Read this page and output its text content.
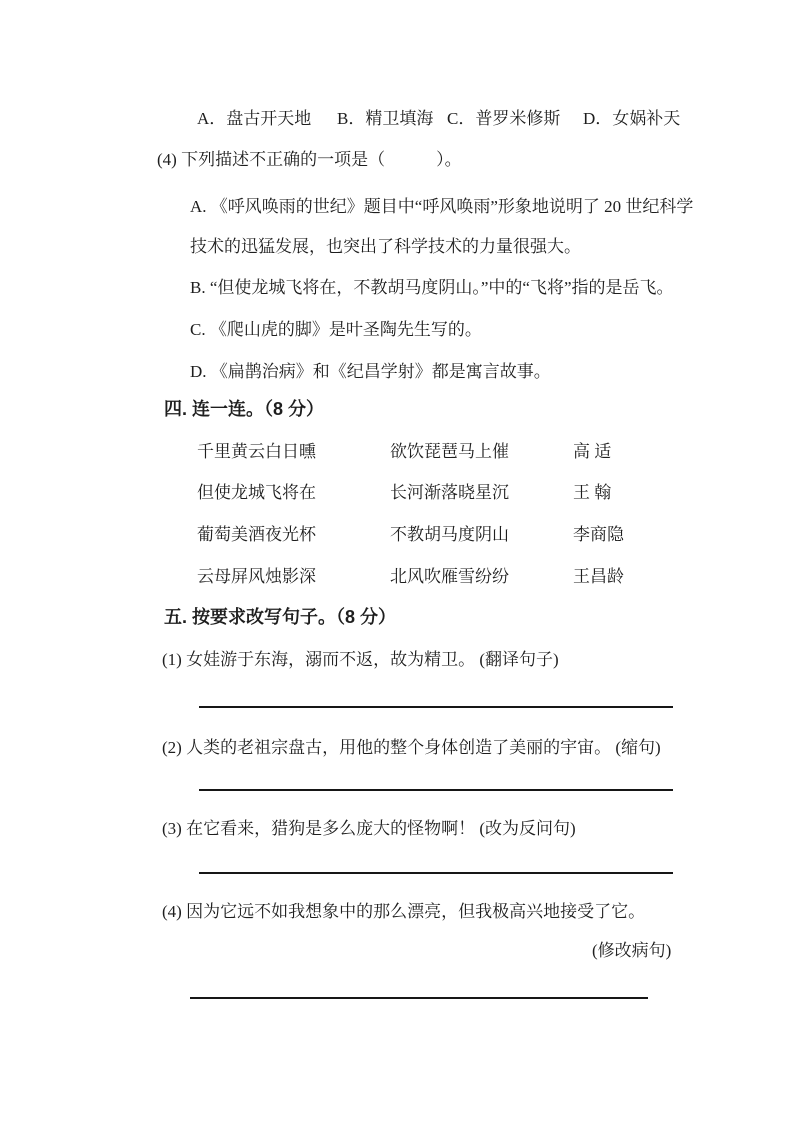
A．盘古开天地 B．精卫填海 C．普罗米修斯 D．女娲补天
(4) 下列描述不正确的一项是（　　　）。
A. 《呼风唤雨的世纪》题目中“呼风唤雨”形象地说明了 20 世纪科学
技术的迅猛发展，也突出了科学技术的力量很强大。
B. “但使龙城飞将在，不教胡马度阴山。”中的“飞将”指的是岳飞。
C. 《爬山虎的脚》是叶圣陶先生写的。
D. 《扁鹊治病》和《纪昌学射》都是寓言故事。
四. 连一连。（8 分）
千里黄云白日曛	欲饮琵琶马上催	高 适
但使龙城飞将在	长河渐落晓星沉	王 翰
葡萄美酒夜光杯	不教胡马度阴山	李商隐
云母屏风烛影深	北风吹雁雪纷纷	王昌龄
五. 按要求改写句子。（8 分）
(1) 女娃游于东海，溺而不返，故为精卫。 (翻译句子)
(2) 人类的老祖宗盘古，用他的整个身体创造了美丽的宇宙。 (缩句)
(3) 在它看来，猎狗是多么庞大的怪物啊！ (改为反问句)
(4) 因为它远不如我想象中的那么漂亮，但我极高兴地接受了它。
(修改病句)
